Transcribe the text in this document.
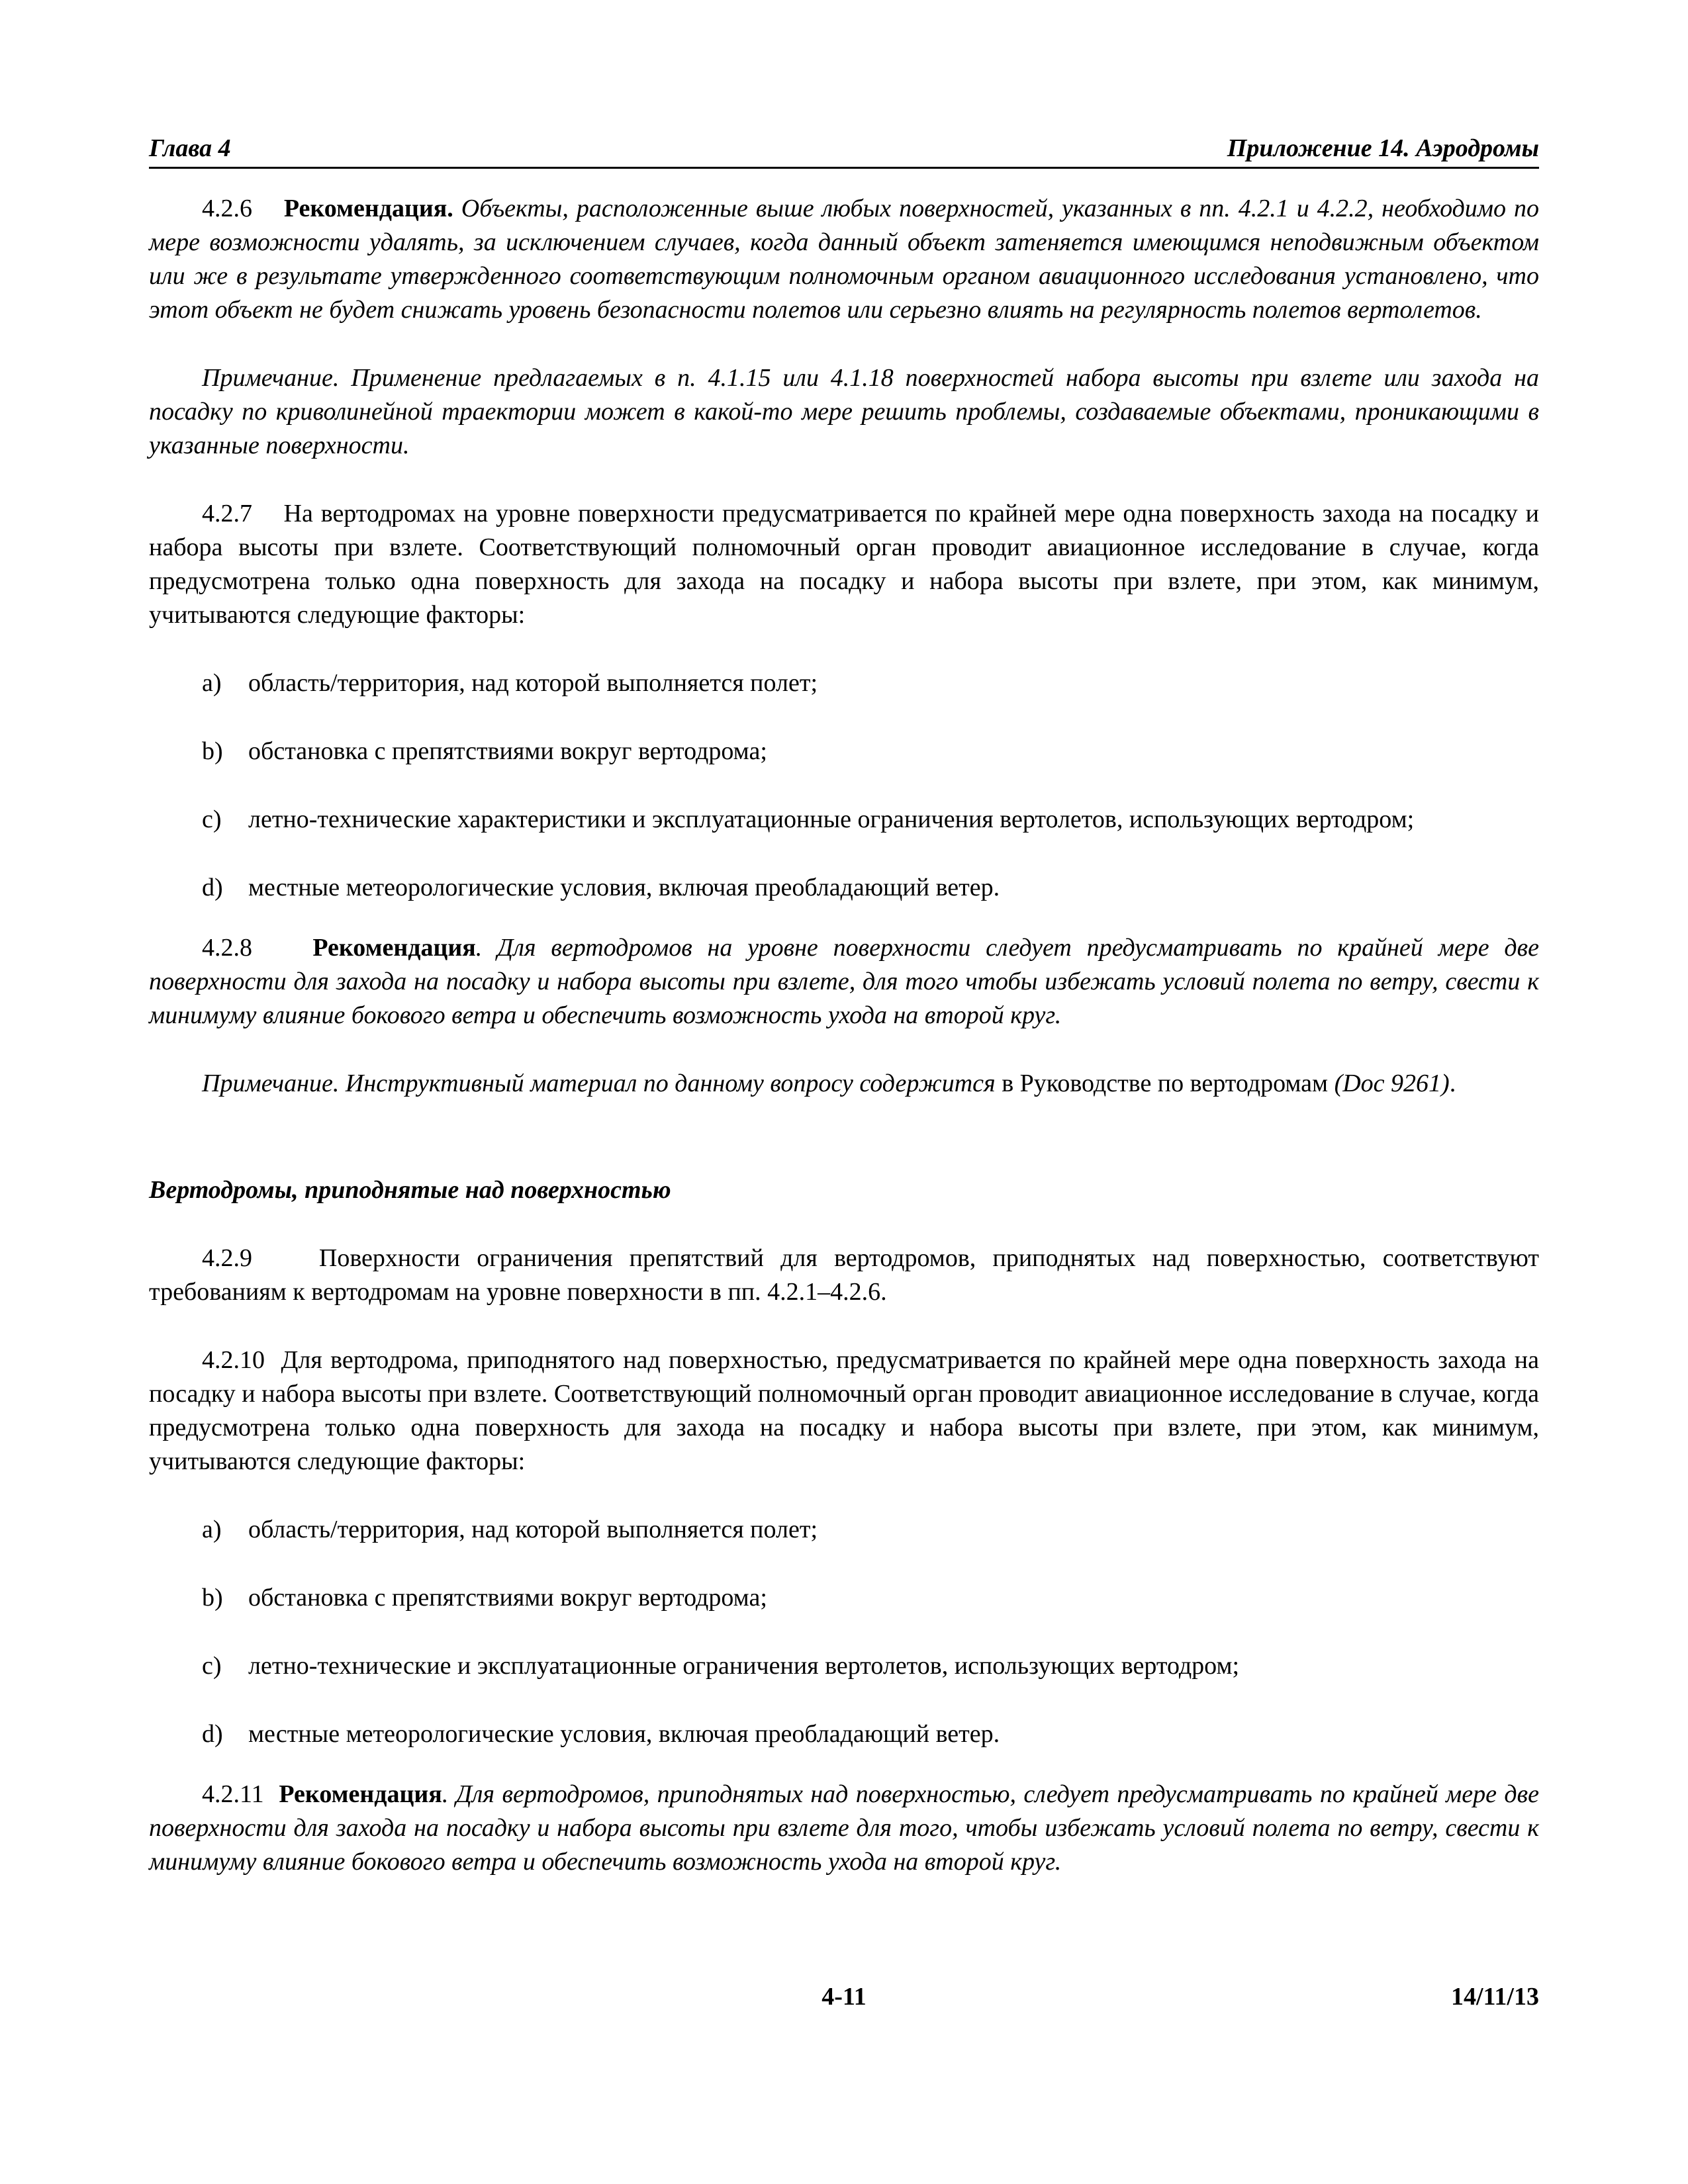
Глава 4	Приложение 14. Аэродромы

4.2.6 Рекомендация. Объекты, расположенные выше любых поверхностей, указанных в пп. 4.2.1 и 4.2.2, необходимо по мере возможности удалять, за исключением случаев, когда данный объект затеняется имеющимся неподвижным объектом или же в результате утвержденного соответствующим полномочным органом авиационного исследования установлено, что этот объект не будет снижать уровень безопасности полетов или серьезно влиять на регулярность полетов вертолетов.

Примечание. Применение предлагаемых в п. 4.1.15 или 4.1.18 поверхностей набора высоты при взлете или захода на посадку по криволинейной траектории может в какой-то мере решить проблемы, создаваемые объектами, проникающими в указанные поверхности.

4.2.7 На вертодромах на уровне поверхности предусматривается по крайней мере одна поверхность захода на посадку и набора высоты при взлете. Соответствующий полномочный орган проводит авиационное исследование в случае, когда предусмотрена только одна поверхность для захода на посадку и набора высоты при взлете, при этом, как минимум, учитываются следующие факторы:

a)	область/территория, над которой выполняется полет;
b)	обстановка с препятствиями вокруг вертодрома;
c)	летно-технические характеристики и эксплуатационные ограничения вертолетов, использующих вертодром;
d)	местные метеорологические условия, включая преобладающий ветер.

4.2.8 Рекомендация. Для вертодромов на уровне поверхности следует предусматривать по крайней мере две поверхности для захода на посадку и набора высоты при взлете, для того чтобы избежать условий полета по ветру, свести к минимуму влияние бокового ветра и обеспечить возможность ухода на второй круг.

Примечание. Инструктивный материал по данному вопросу содержится в Руководстве по вертодромам (Doc 9261).

Вертодромы, приподнятые над поверхностью

4.2.9	Поверхности ограничения препятствий для вертодромов, приподнятых над поверхностью, соответствуют требованиям к вертодромам на уровне поверхности в пп. 4.2.1–4.2.6.

4.2.10 Для вертодрома, приподнятого над поверхностью, предусматривается по крайней мере одна поверхность захода на посадку и набора высоты при взлете. Соответствующий полномочный орган проводит авиационное исследование в случае, когда предусмотрена только одна поверхность для захода на посадку и набора высоты при взлете, при этом, как минимум, учитываются следующие факторы:

a)	область/территория, над которой выполняется полет;
b)	обстановка с препятствиями вокруг вертодрома;
c)	летно-технические и эксплуатационные ограничения вертолетов, использующих вертодром;
d)	местные метеорологические условия, включая преобладающий ветер.

4.2.11 Рекомендация. Для вертодромов, приподнятых над поверхностью, следует предусматривать по крайней мере две поверхности для захода на посадку и набора высоты при взлете для того, чтобы избежать условий полета по ветру, свести к минимуму влияние бокового ветра и обеспечить возможность ухода на второй круг.

4-11	14/11/13
